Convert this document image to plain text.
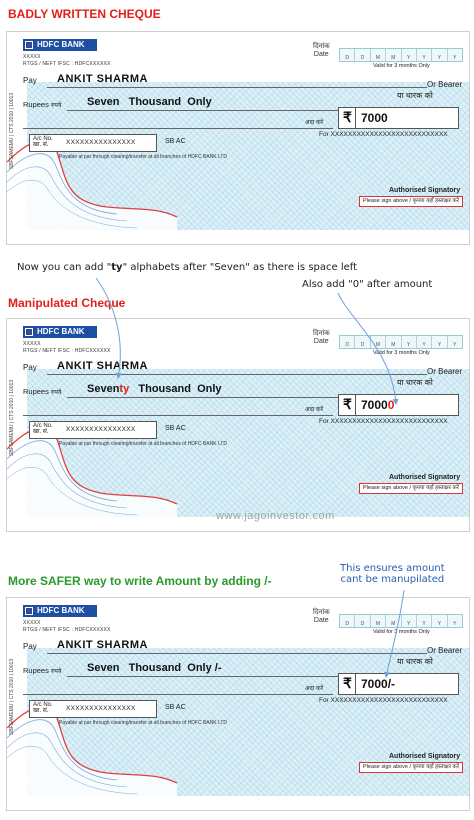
BADLY WRITTEN CHEQUE
HDFC BANK
XXXXX
RTGS / NEFT IFSC : HDFCXXXXXX
SBFSAMEMU | CTS 2010 | 10013
दिनांक
Date	D	D	M	M	Y	Y	Y	Y
Valid for 3 months Only
Pay ANKIT SHARMA	Or Bearer
या धारक को
Rupees रुपये Seven Thousand Only
अदा करें ₹ 7000
For XXXXXXXXXXXXXXXXXXXXXXXXXXX
A/c No.
खा. सं.	XXXXXXXXXXXXXXX	SB AC
Payable at par through clearing/transfer at all branches of HDFC BANK LTD
Authorised Signatory
Please sign above / कृपया यहाँ हस्ताक्षर करें
Now you can add "ty" alphabets after "Seven" as there is space left
Manipulated Cheque
Also add "0" after amount
HDFC BANK
XXXXX
RTGS / NEFT IFSC : HDFCXXXXXX
SBFSAMEMU | CTS 2010 | 10013
दिनांक
Date	D	D	M	M	Y	Y	Y	Y
Valid for 3 months Only
Pay ANKIT SHARMA	Or Bearer
या धारक को
Rupees रुपये Seventy Thousand Only
अदा करें ₹ 70000
For XXXXXXXXXXXXXXXXXXXXXXXXXXX
A/c No.
खा. सं.	XXXXXXXXXXXXXXX	SB AC
Payable at par through clearing/transfer at all branches of HDFC BANK LTD
Authorised Signatory
Please sign above / कृपया यहाँ हस्ताक्षर करें
www.jagoinvestor.com
More SAFER way to write Amount by adding /-
This ensures amount
cant be manupilated
HDFC BANK
XXXXX
RTGS / NEFT IFSC : HDFCXXXXXX
SBFSAMEMU | CTS 2010 | 10013
दिनांक
Date	D	D	M	M	Y	Y	Y	Y
Valid for 3 months Only
Pay ANKIT SHARMA	Or Bearer
या धारक को
Rupees रुपये Seven Thousand Only /-
अदा करें ₹ 7000/-
For XXXXXXXXXXXXXXXXXXXXXXXXXXX
A/c No.
खा. सं.	XXXXXXXXXXXXXXX	SB AC
Payable at par through clearing/transfer at all branches of HDFC BANK LTD
Authorised Signatory
Please sign above / कृपया यहाँ हस्ताक्षर करें
